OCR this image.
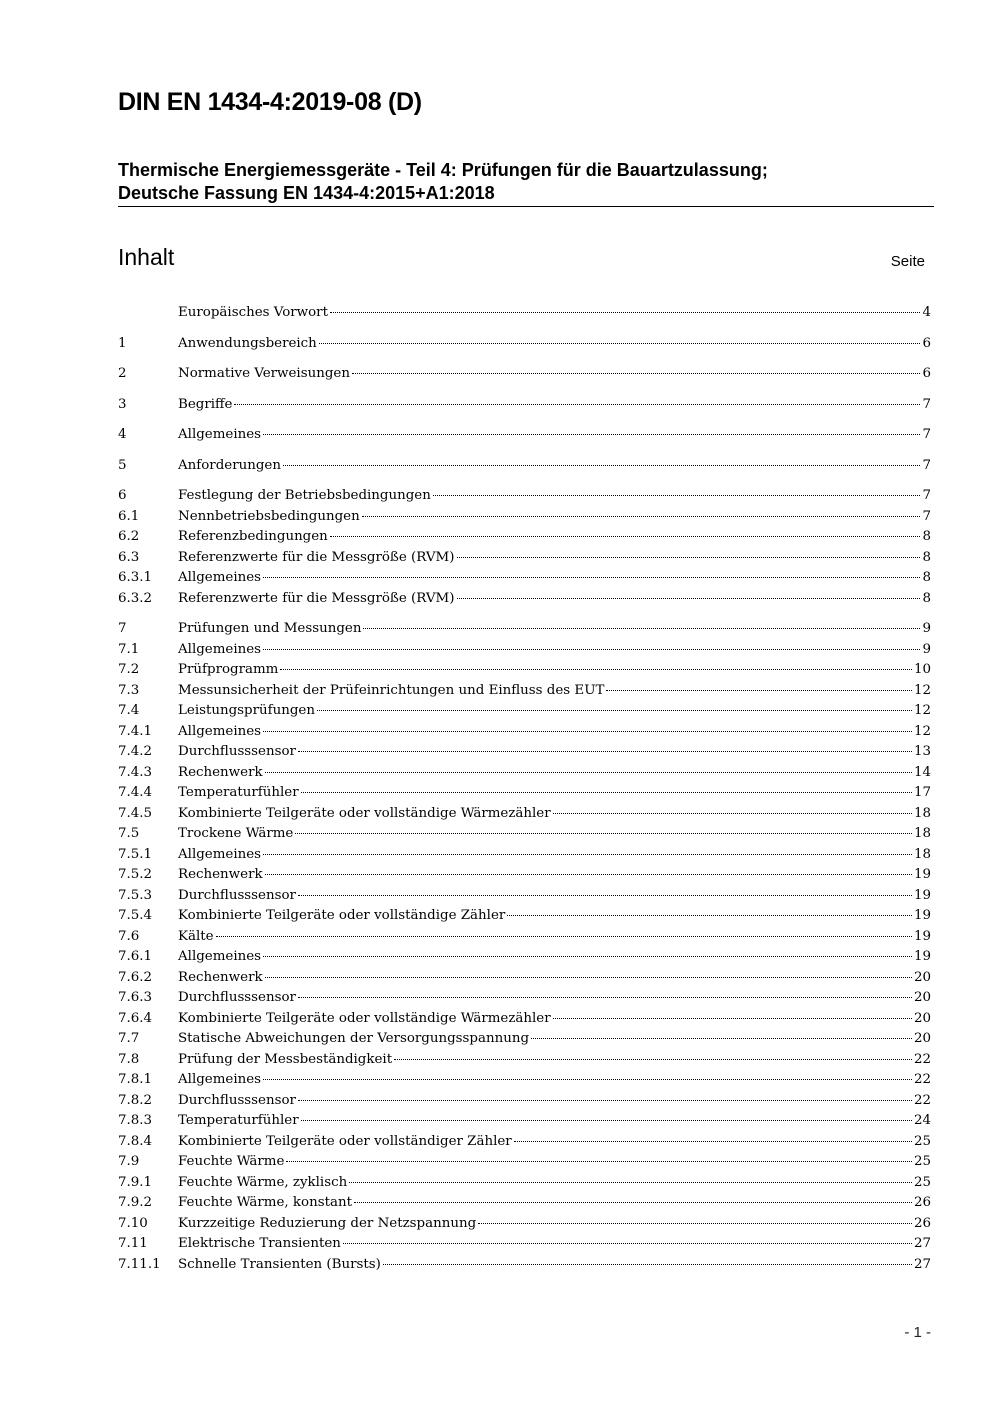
DIN EN 1434-4:2019-08 (D)
Thermische Energiemessgeräte - Teil 4: Prüfungen für die Bauartzulassung;
Deutsche Fassung EN 1434-4:2015+A1:2018
Inhalt	Seite
Europäisches Vorwort	4
1	Anwendungsbereich	6
2	Normative Verweisungen	6
3	Begriffe	7
4	Allgemeines	7
5	Anforderungen	7
6	Festlegung der Betriebsbedingungen	7
6.1	Nennbetriebsbedingungen	7
6.2	Referenzbedingungen	8
6.3	Referenzwerte für die Messgröße (RVM)	8
6.3.1	Allgemeines	8
6.3.2	Referenzwerte für die Messgröße (RVM)	8
7	Prüfungen und Messungen	9
7.1	Allgemeines	9
7.2	Prüfprogramm	10
7.3	Messunsicherheit der Prüfeinrichtungen und Einfluss des EUT	12
7.4	Leistungsprüfungen	12
7.4.1	Allgemeines	12
7.4.2	Durchflusssensor	13
7.4.3	Rechenwerk	14
7.4.4	Temperaturfühler	17
7.4.5	Kombinierte Teilgeräte oder vollständige Wärmezähler	18
7.5	Trockene Wärme	18
7.5.1	Allgemeines	18
7.5.2	Rechenwerk	19
7.5.3	Durchflusssensor	19
7.5.4	Kombinierte Teilgeräte oder vollständige Zähler	19
7.6	Kälte	19
7.6.1	Allgemeines	19
7.6.2	Rechenwerk	20
7.6.3	Durchflusssensor	20
7.6.4	Kombinierte Teilgeräte oder vollständige Wärmezähler	20
7.7	Statische Abweichungen der Versorgungsspannung	20
7.8	Prüfung der Messbeständigkeit	22
7.8.1	Allgemeines	22
7.8.2	Durchflusssensor	22
7.8.3	Temperaturfühler	24
7.8.4	Kombinierte Teilgeräte oder vollständiger Zähler	25
7.9	Feuchte Wärme	25
7.9.1	Feuchte Wärme, zyklisch	25
7.9.2	Feuchte Wärme, konstant	26
7.10	Kurzzeitige Reduzierung der Netzspannung	26
7.11	Elektrische Transienten	27
7.11.1	Schnelle Transienten (Bursts)	27
- 1 -
